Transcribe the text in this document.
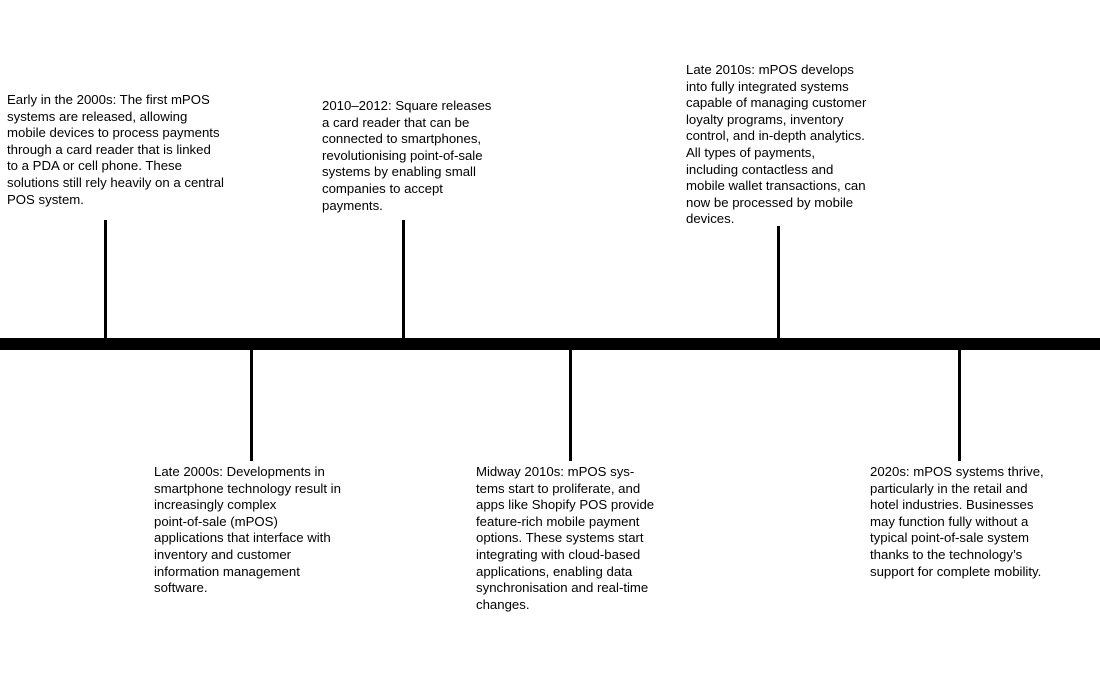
Early in the 2000s: The first mPOS
systems are released, allowing
mobile devices to process payments
through a card reader that is linked
to a PDA or cell phone. These
solutions still rely heavily on a central
POS system.

Late 2000s: Developments in
smartphone technology result in
increasingly complex
point-of-sale (mPOS)
applications that interface with
inventory and customer
information management
software.

2010–2012: Square releases
a card reader that can be
connected to smartphones,
revolutionising point-of-sale
systems by enabling small
companies to accept
payments.

Midway 2010s: mPOS sys-
tems start to proliferate, and
apps like Shopify POS provide
feature-rich mobile payment
options. These systems start
integrating with cloud-based
applications, enabling data
synchronisation and real-time
changes.

Late 2010s: mPOS develops
into fully integrated systems
capable of managing customer
loyalty programs, inventory
control, and in-depth analytics.
All types of payments,
including contactless and
mobile wallet transactions, can
now be processed by mobile
devices.

2020s: mPOS systems thrive,
particularly in the retail and
hotel industries. Businesses
may function fully without a
typical point-of-sale system
thanks to the technology’s
support for complete mobility.
